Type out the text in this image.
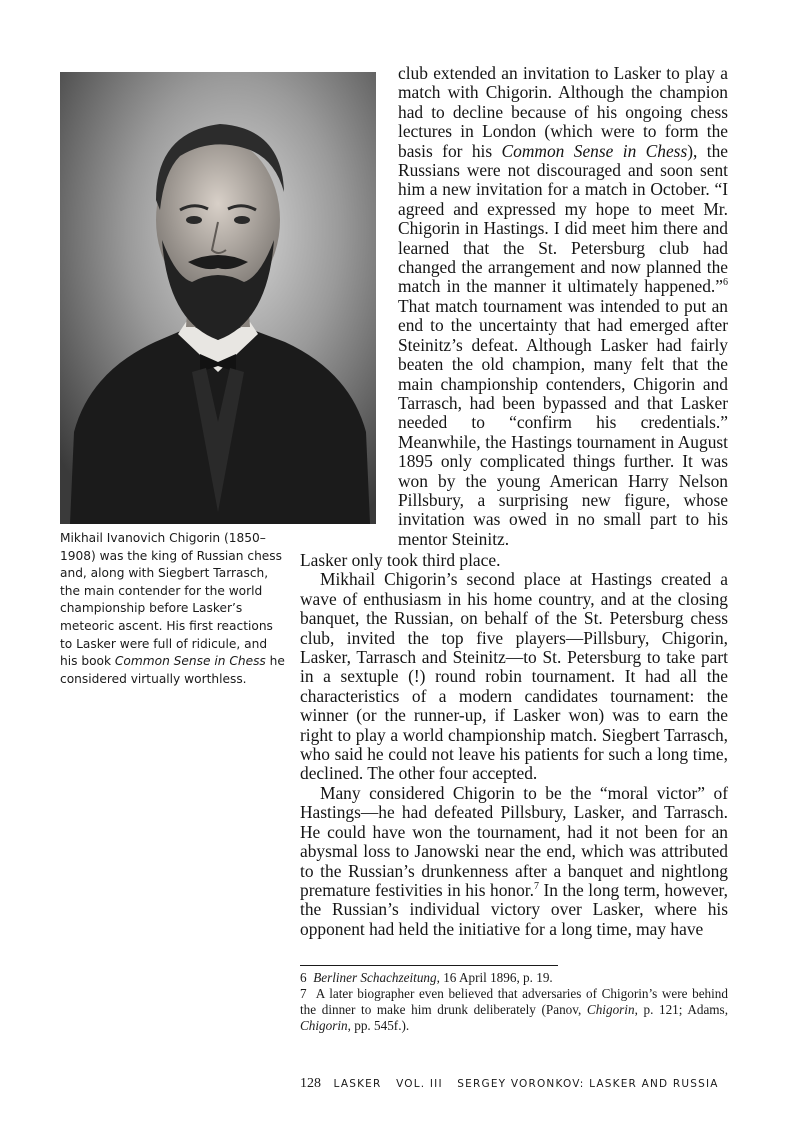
Mikhail Ivanovich Chigorin (1850–1908) was the king of Russian chess and, along with Siegbert Tarrasch, the main contender for the world championship before Lasker’s meteoric ascent. His first reactions to Lasker were full of ridicule, and his book Common Sense in Chess he considered virtually worthless.

club extended an invitation to Lasker to play a match with Chigorin. Although the champion had to decline because of his ongoing chess lectures in London (which were to form the basis for his Common Sense in Chess), the Russians were not discouraged and soon sent him a new invitation for a match in October. “I agreed and expressed my hope to meet Mr. Chigorin in Hastings. I did meet him there and learned that the St. Petersburg club had changed the arrangement and now planned the match in the manner it ultimately happened.”$^6$ That match tournament was intended to put an end to the uncertainty that had emerged after Steinitz’s defeat. Although Lasker had fairly beaten the old champion, many felt that the main championship contenders, Chigorin and Tarrasch, had been bypassed and that Lasker needed to “confirm his credentials.” Meanwhile, the Hastings tournament in August 1895 only complicated things further. It was won by the young American Harry Nelson Pillsbury, a surprising new figure, whose invitation was owed in no small part to his mentor Steinitz.

Lasker only took third place.

Mikhail Chigorin’s second place at Hastings created a wave of enthusiasm in his home country, and at the closing banquet, the Russian, on behalf of the St. Petersburg chess club, invited the top five players—Pillsbury, Chigorin, Lasker, Tarrasch and Steinitz—to St. Petersburg to take part in a sextuple (!) round robin tournament. It had all the characteristics of a modern candidates tournament: the winner (or the runner-up, if Lasker won) was to earn the right to play a world championship match. Siegbert Tarrasch, who said he could not leave his patients for such a long time, declined. The other four accepted.

Many considered Chigorin to be the “moral victor” of Hastings—he had defeated Pillsbury, Lasker, and Tarrasch. He could have won the tournament, had it not been for an abysmal loss to Janowski near the end, which was attributed to the Russian’s drunkenness after a banquet and nightlong premature festivities in his honor.$^7$ In the long term, however, the Russian’s individual victory over Lasker, where his opponent had held the initiative for a long time, may have

6 Berliner Schachzeitung, 16 April 1896, p. 19.

7 A later biographer even believed that adversaries of Chigorin’s were behind the dinner to make him drunk deliberately (Panov, Chigorin, p. 121; Adams, Chigorin, pp. 545f.).

128 LASKER VOL. III SERGEY VORONKOV: LASKER AND RUSSIA
